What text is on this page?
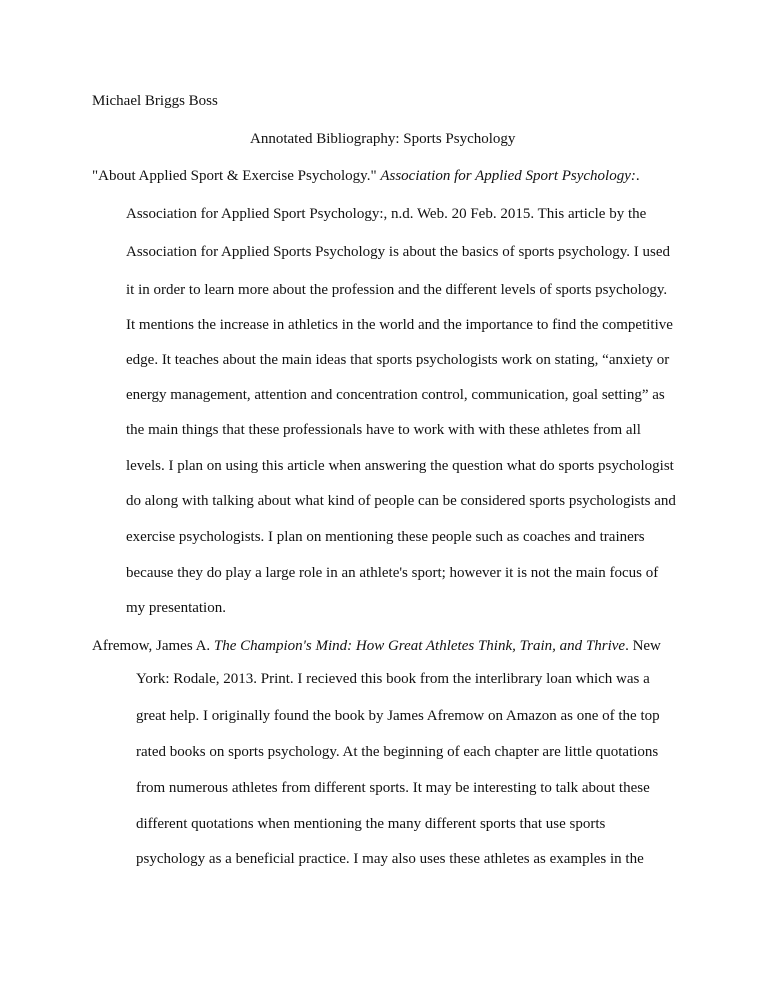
Michael Briggs Boss
Annotated Bibliography: Sports Psychology
"About Applied Sport & Exercise Psychology." Association for Applied Sport Psychology:.
Association for Applied Sport Psychology:, n.d. Web. 20 Feb. 2015. This article by the
Association for Applied Sports Psychology is about the basics of sports psychology. I used
it in order to learn more about the profession and the different levels of sports psychology.
It mentions the increase in athletics in the world and the importance to find the competitive
edge. It teaches about the main ideas that sports psychologists work on stating, “anxiety or
energy management, attention and concentration control, communication, goal setting” as
the main things that these professionals have to work with with these athletes from all
levels. I plan on using this article when answering the question what do sports psychologist
do along with talking about what kind of people can be considered sports psychologists and
exercise psychologists. I plan on mentioning these people such as coaches and trainers
because they do play a large role in an athlete's sport; however it is not the main focus of
my presentation.
Afremow, James A. The Champion's Mind: How Great Athletes Think, Train, and Thrive. New
York: Rodale, 2013. Print. I recieved this book from the interlibrary loan which was a
great help. I originally found the book by James Afremow on Amazon as one of the top
rated books on sports psychology. At the beginning of each chapter are little quotations
from numerous athletes from different sports. It may be interesting to talk about these
different quotations when mentioning the many different sports that use sports
psychology as a beneficial practice. I may also uses these athletes as examples in the
